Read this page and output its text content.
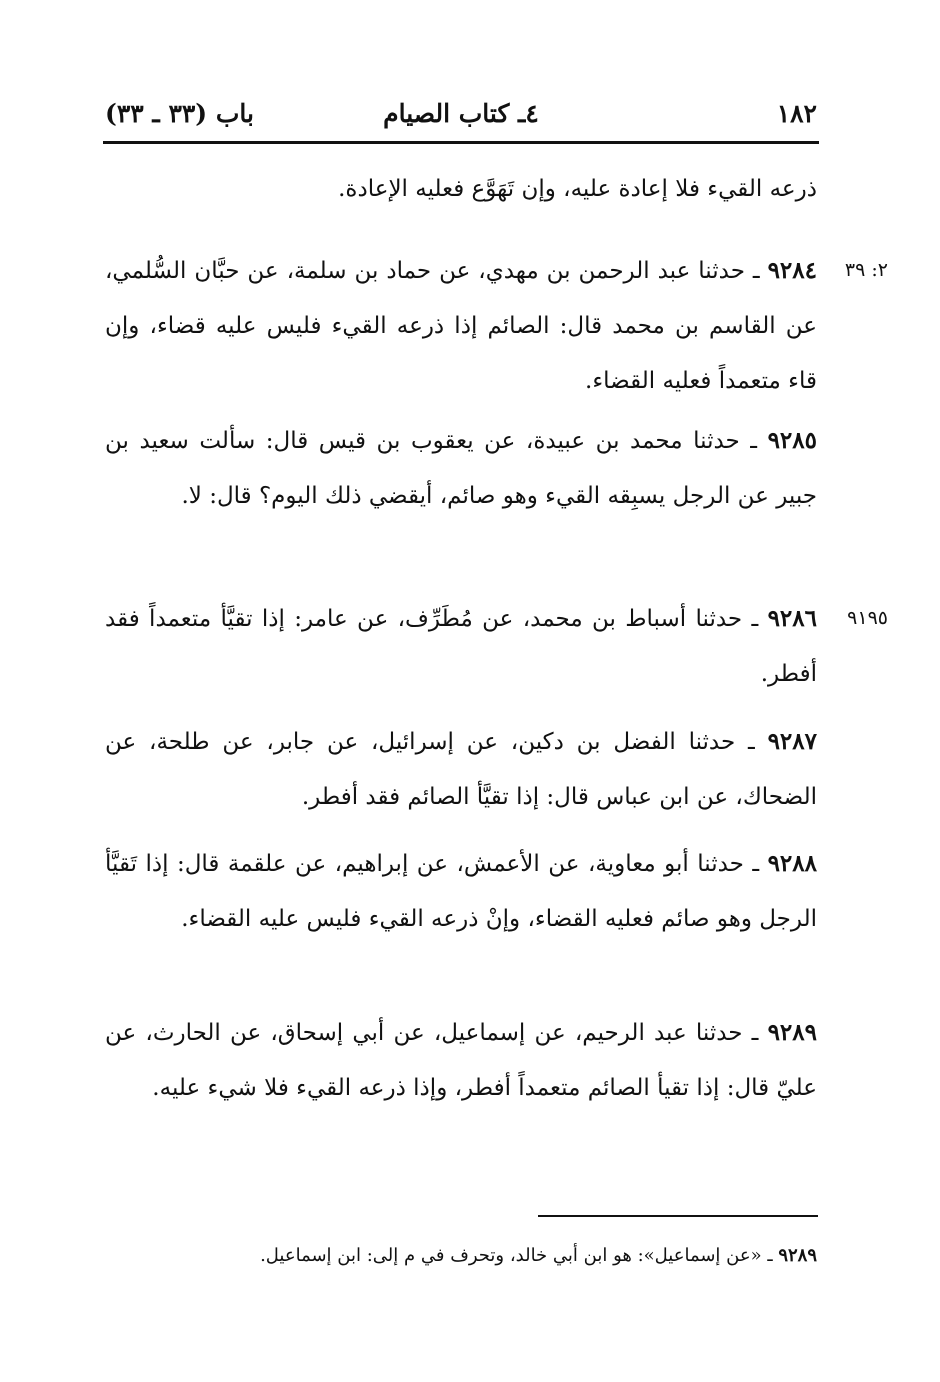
١٨٢
٤ـ كتاب الصيام
باب (٣٣ ـ ٣٣)
ذرعه القيء فلا إعادة عليه، وإن تَهَوَّع فعليه الإعادة.
٢: ٣٩
٩٢٨٤ ـ حدثنا عبد الرحمن بن مهدي، عن حماد بن سلمة، عن حبَّان السُّلمي، عن القاسم بن محمد قال: الصائم إذا ذرعه القيء فليس عليه قضاء، وإن قاء متعمداً فعليه القضاء.
٩٢٨٥ ـ حدثنا محمد بن عبيدة، عن يعقوب بن قيس قال: سألت سعيد بن جبير عن الرجل يسبِقه القيء وهو صائم، أيقضي ذلك اليوم؟ قال: لا.
٩١٩٥
٩٢٨٦ ـ حدثنا أسباط بن محمد، عن مُطَرِّف، عن عامر: إذا تقيَّأ متعمداً فقد أفطر.
٩٢٨٧ ـ حدثنا الفضل بن دكين، عن إسرائيل، عن جابر، عن طلحة، عن الضحاك، عن ابن عباس قال: إذا تقيَّأ الصائم فقد أفطر.
٩٢٨٨ ـ حدثنا أبو معاوية، عن الأعمش، عن إبراهيم، عن علقمة قال: إذا تَقيَّأ الرجل وهو صائم فعليه القضاء، وإنْ ذرعه القيء فليس عليه القضاء.
٩٢٨٩ ـ حدثنا عبد الرحيم، عن إسماعيل، عن أبي إسحاق، عن الحارث، عن عليّ قال: إذا تقيأ الصائم متعمداً أفطر، وإذا ذرعه القيء فلا شيء عليه.
٩٢٨٩ ـ «عن إسماعيل»: هو ابن أبي خالد، وتحرف في م إلى: ابن إسماعيل.
